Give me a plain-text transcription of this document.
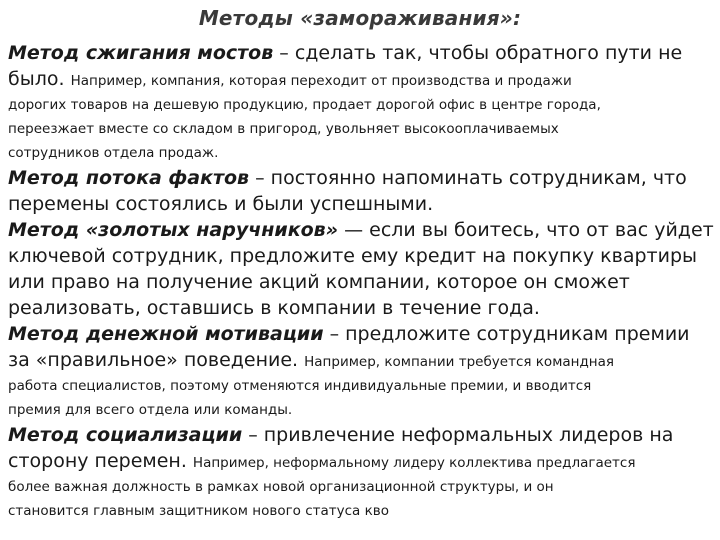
Методы «замораживания»:
Метод сжигания мостов – сделать так, чтобы обратного пути не
было. Например, компания, которая переходит от производства и продажи
дорогих товаров на дешевую продукцию, продает дорогой офис в центре города,
переезжает вместе со складом в пригород, увольняет высокооплачиваемых
сотрудников отдела продаж.
Метод потока фактов – постоянно напоминать сотрудникам, что
перемены состоялись и были успешными.
Метод «золотых наручников» — если вы боитесь, что от вас уйдет
ключевой сотрудник, предложите ему кредит на покупку квартиры
или право на получение акций компании, которое он сможет
реализовать, оставшись в компании в течение года.
Метод денежной мотивации – предложите сотрудникам премии
за «правильное» поведение. Например, компании требуется командная
работа специалистов, поэтому отменяются индивидуальные премии, и вводится
премия для всего отдела или команды.
Метод социализации – привлечение неформальных лидеров на
сторону перемен. Например, неформальному лидеру коллектива предлагается
более важная должность в рамках новой организационной структуры, и он
становится главным защитником нового статуса кво
